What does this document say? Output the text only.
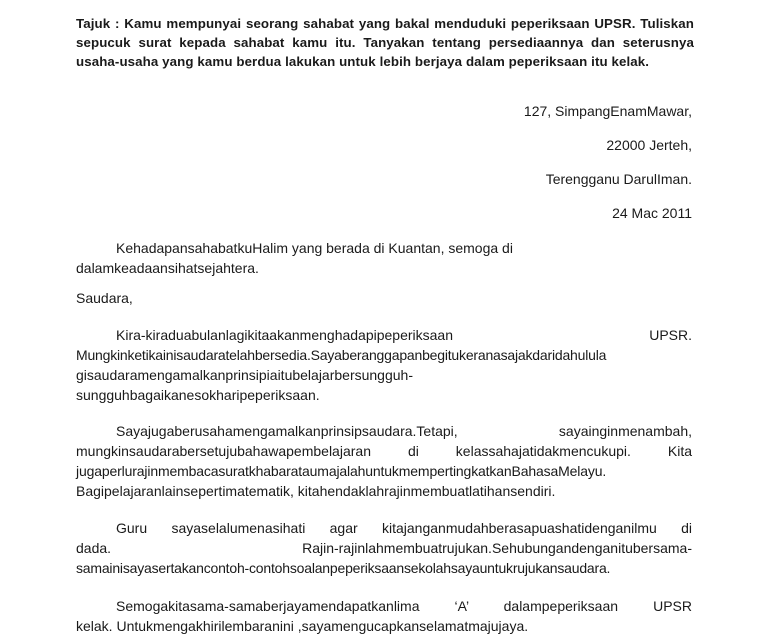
Tajuk : Kamu mempunyai seorang sahabat yang bakal menduduki peperiksaan UPSR. Tuliskan sepucuk surat kepada sahabat kamu itu. Tanyakan tentang persediaannya dan seterusnya usaha-usaha yang kamu berdua lakukan untuk lebih berjaya dalam peperiksaan itu kelak.
127, SimpangEnamMawar,
22000 Jerteh,
Terengganu DarulIman.
24 Mac 2011
KehadapansahabatkuHalim yang berada di Kuantan, semoga di
dalamkeadaansihatsejahtera.
Saudara,
Kira-kiraduabulanlagikitaakanmenghadapipeperiksaan UPSR.
Mungkinketikainisaudaratelahbersedia.Sayaberanggapanbegitukeranasajakdaridahulula
gisaudaramengamalkanprinsipiaitubelajarbersungguh-
sungguhbagaikanesokharipeperiksaan.
Sayajugaberusahamengamalkanprinsipsaudara.Tetapi, sayainginmenambah,
mungkinsaudarabersetujubahawapembelajaran di kelassahajatidakmencukupi. Kita
jugaperlurajinmembacasuratkhabarataumajalahuntukmempertingkatkanBahasaMelayu.
Bagipelajaranlainsepertimatematik, kitahendaklahrajinmembuatlatihansendiri.
Guru sayaselalumenasihati agar kitajanganmudahberasapuashatidenganilmu di
dada. Rajin-rajinlahmembuatrujukan.Sehubungandenganitubersama-
samainisayasertakancontoh-contohsoalanpeperiksaansekolahsayauntukrujukansaudara.
Semogakitasama-samaberjayamendapatkanlima ‘A’ dalampeperiksaan UPSR
kelak. Untukmengakhirilembaranini ,sayamengucapkanselamatmajujaya.
